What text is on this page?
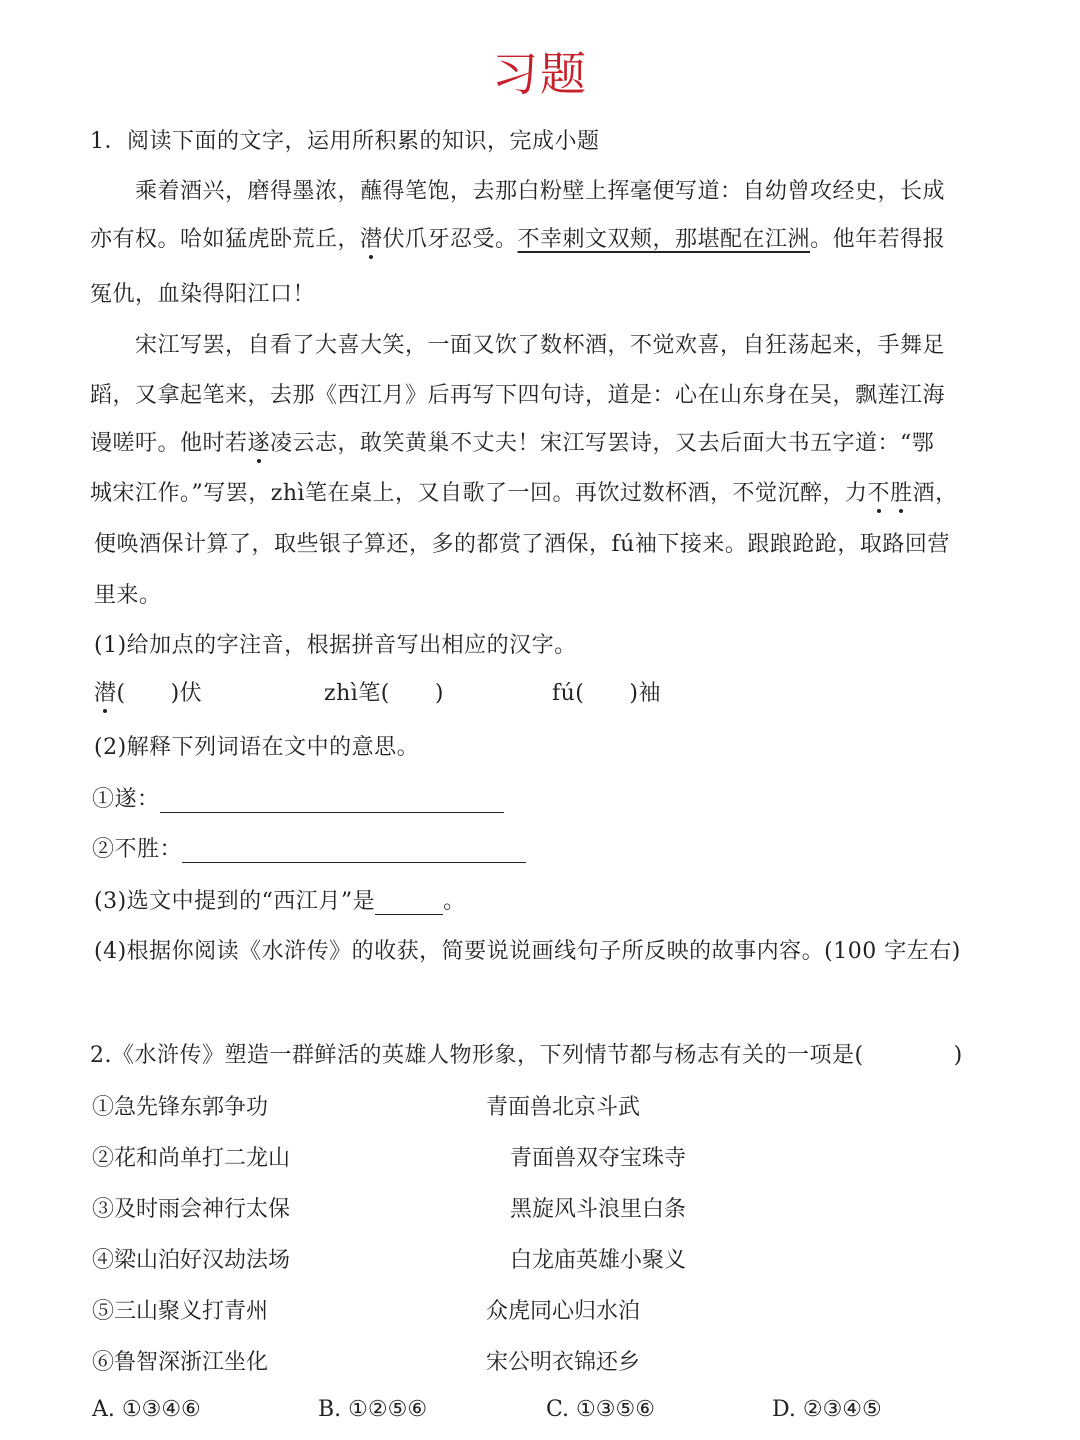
习题
1．阅读下面的文字，运用所积累的知识，完成小题
乘着酒兴，磨得墨浓，蘸得笔饱，去那白粉壁上挥毫便写道：自幼曾攻经史，长成
亦有权。哈如猛虎卧荒丘，潜伏爪牙忍受。不幸刺文双颊，那堪配在江洲。他年若得报
冤仇，血染得阳江口！
宋江写罢，自看了大喜大笑，一面又饮了数杯酒，不觉欢喜，自狂荡起来，手舞足
蹈，又拿起笔来，去那《西江月》后再写下四句诗，道是：心在山东身在吴，飘莲江海
谩嗟吁。他时若遂凌云志，敢笑黄巢不丈夫！宋江写罢诗，又去后面大书五字道：“鄂
城宋江作。”写罢，zhì笔在桌上，又自歌了一回。再饮过数杯酒，不觉沉醉，力不胜酒，
便唤酒保计算了，取些银子算还，多的都赏了酒保，fú袖下接来。跟踉跄跄，取路回营
里来。
(1)给加点的字注音，根据拼音写出相应的汉字。
潜(　　)伏	zhì笔(　　)	fú(　　)袖
(2)解释下列词语在文中的意思。
①遂：
②不胜：
(3)选文中提到的“西江月”是	。
(4)根据你阅读《水浒传》的收获，简要说说画线句子所反映的故事内容。(100 字左右)
2.《水浒传》塑造一群鲜活的英雄人物形象，下列情节都与杨志有关的一项是(　　　　)
①急先锋东郭争功	青面兽北京斗武
②花和尚单打二龙山	青面兽双夺宝珠寺
③及时雨会神行太保	黑旋风斗浪里白条
④梁山泊好汉劫法场	白龙庙英雄小聚义
⑤三山聚义打青州	众虎同心归水泊
⑥鲁智深浙江坐化	宋公明衣锦还乡
A. ①③④⑥	B. ①②⑤⑥	C. ①③⑤⑥	D. ②③④⑤
